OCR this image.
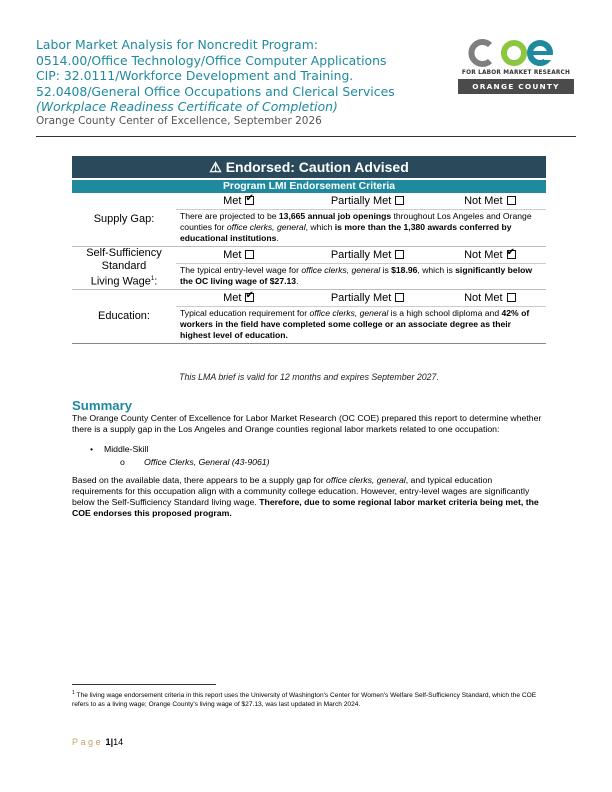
Labor Market Analysis for Noncredit Program:
0514.00/Office Technology/Office Computer Applications
CIP: 32.0111/Workforce Development and Training.
52.0408/General Office Occupations and Clerical Services
(Workplace Readiness Certificate of Completion)
Orange County Center of Excellence, September 2026
FOR LABOR MARKET RESEARCH
ORANGE COUNTY
⚠ Endorsed: Caution Advised
Program LMI Endorsement Criteria
Supply Gap:
Met ✔	Partially Met	Not Met
There are projected to be 13,665 annual job openings throughout Los Angeles and Orange counties for office clerks, general, which is more than the 1,380 awards conferred by educational institutions.
Self-Sufficiency
Standard
Living Wage$^1$:
Met	Partially Met	Not Met✔
The typical entry-level wage for office clerks, general is $18.96, which is significantly below the OC living wage of $27.13.
Education:
Met ✔	Partially Met	Not Met
Typical education requirement for office clerks, general is a high school diploma and 42% of workers in the field have completed some college or an associate degree as their highest level of education.
This LMA brief is valid for 12 months and expires September 2027.
Summary

The Orange County Center of Excellence for Labor Market Research (OC COE) prepared this report to determine whether there is a supply gap in the Los Angeles and Orange counties regional labor markets related to one occupation:

• Middle-Skill
o Office Clerks, General (43-9061)

Based on the available data, there appears to be a supply gap for office clerks, general, and typical education requirements for this occupation align with a community college education. However, entry-level wages are significantly below the Self-Sufficiency Standard living wage. Therefore, due to some regional labor market criteria being met, the COE endorses this proposed program.

$^1$ The living wage endorsement criteria in this report uses the University of Washington's Center for Women's Welfare Self-Sufficiency Standard, which the COE refers to as a living wage; Orange County's living wage of $27.13, was last updated in March 2024.
Page 1|14
